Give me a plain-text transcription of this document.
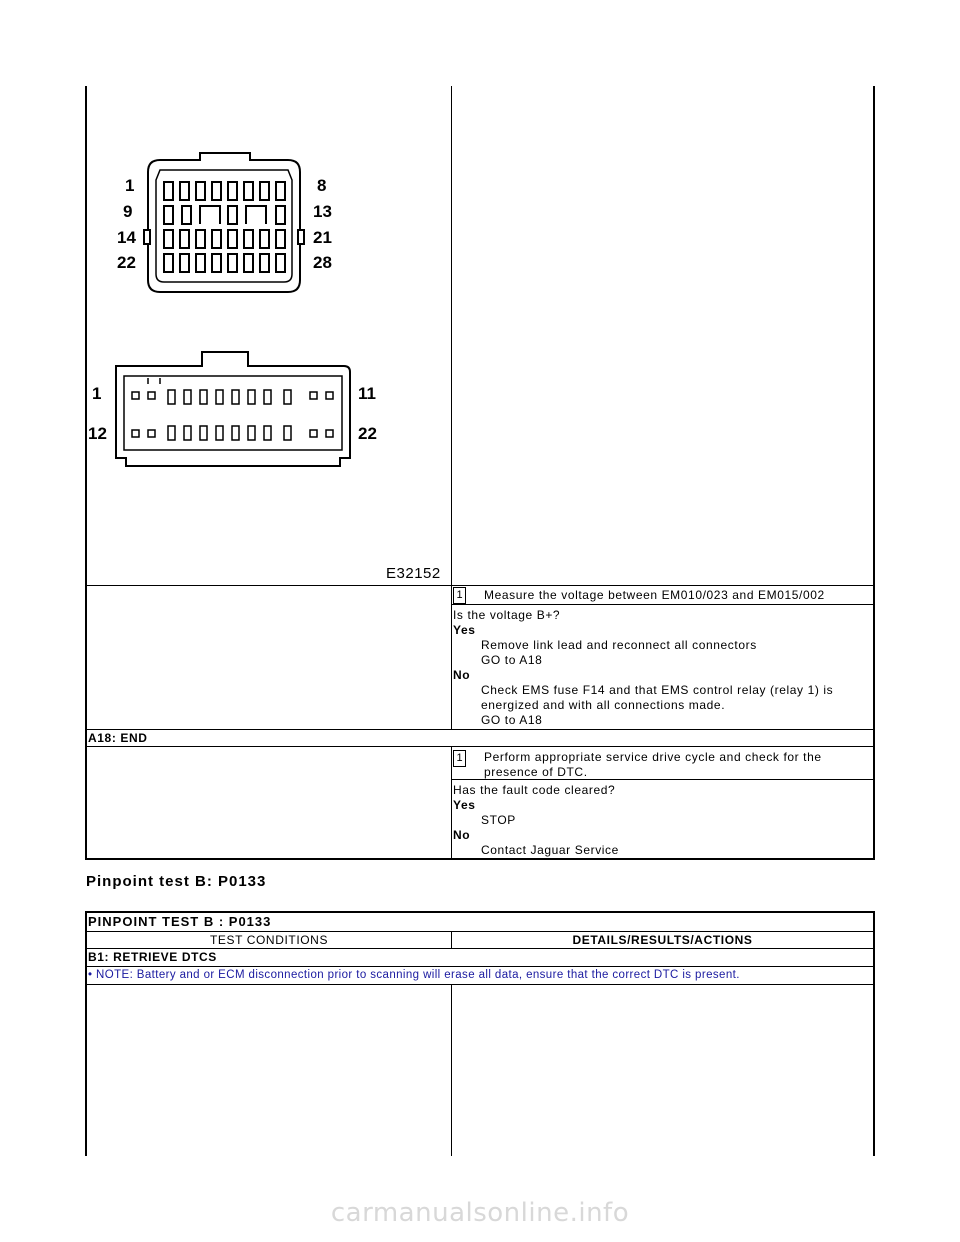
1
9
14
22
8
13
21
28
1
12
11
22
E32152
1 Measure the voltage between EM010/023 and EM015/002
Is the voltage B+?
Yes
Remove link lead and reconnect all connectors
GO to A18
No
Check EMS fuse F14 and that EMS control relay (relay 1) is
energized and with all connections made.
GO to A18
A18: END
1 Perform appropriate service drive cycle and check for the
presence of DTC.
Has the fault code cleared?
Yes
STOP
No
Contact Jaguar Service
Pinpoint test B: P0133
PINPOINT TEST B : P0133
TEST CONDITIONS	DETAILS/RESULTS/ACTIONS
B1: RETRIEVE DTCS
• NOTE: Battery and or ECM disconnection prior to scanning will erase all data, ensure that the correct DTC is present.
carmanualsonline.info
